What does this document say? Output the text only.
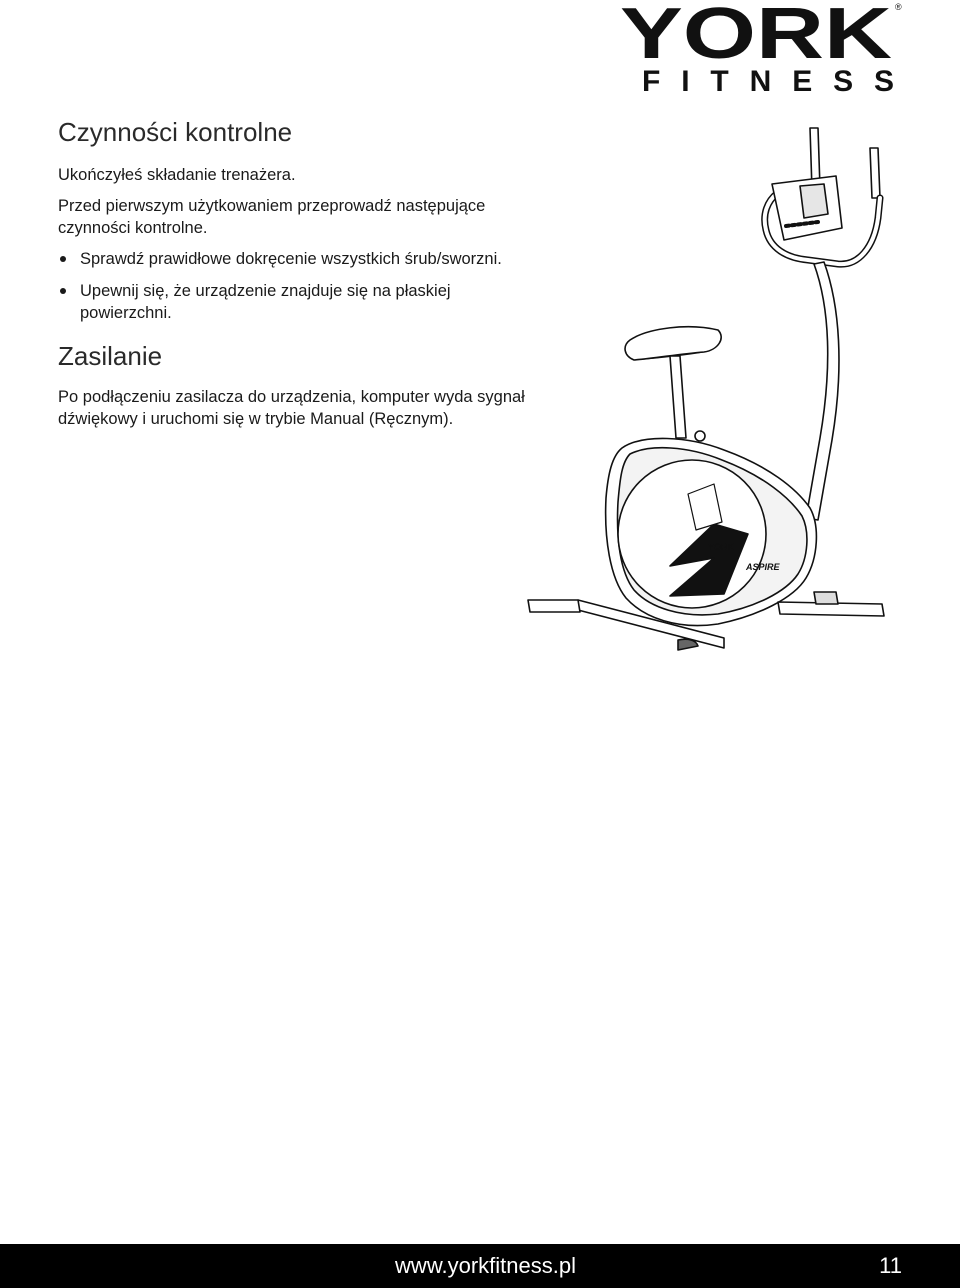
YORK
FITNESS
®
Czynności kontrolne

Ukończyłeś składanie trenażera.

Przed pierwszym użytkowaniem przeprowadź następujące czynności kontrolne.

Sprawdź prawidłowe dokręcenie wszystkich śrub/sworzni.
Upewnij się, że urządzenie znajduje się na płaskiej powierzchni.
Zasilanie

Po podłączeniu zasilacza do urządzenia, komputer wyda sygnał dźwiękowy i uruchomi się w trybie Manual (Ręcznym).

YORK
ASPIRE
www.yorkfitness.pl	11
